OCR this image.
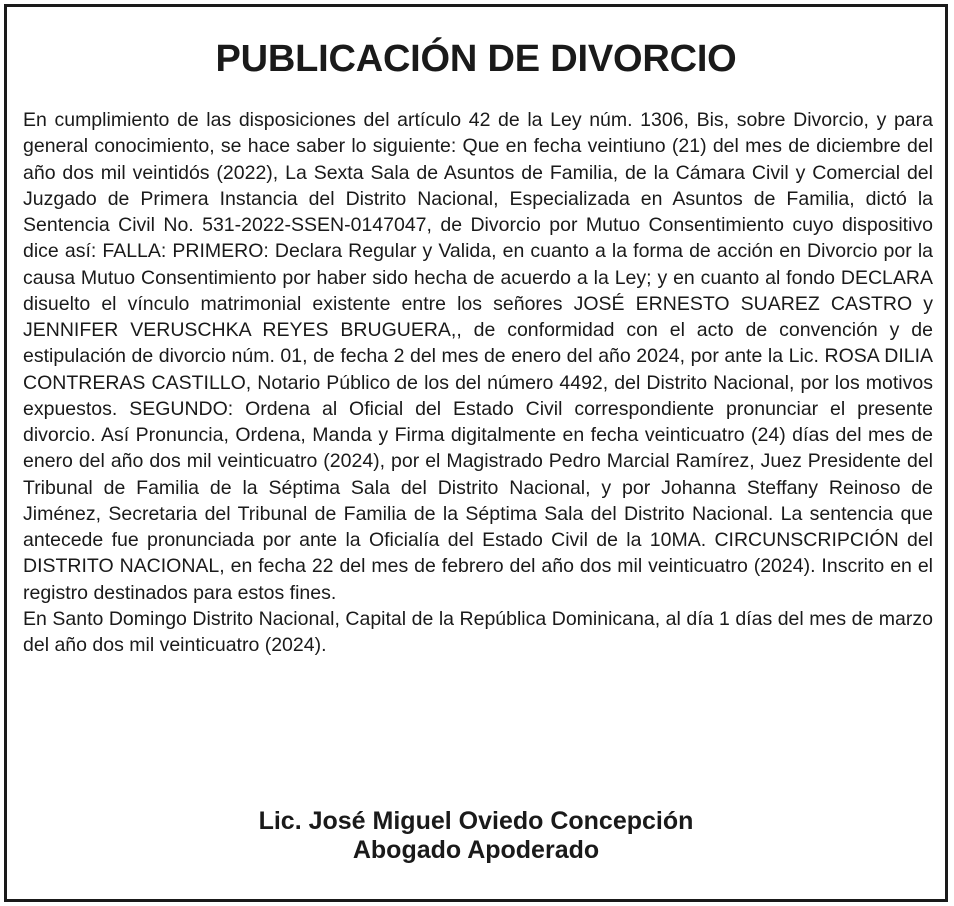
PUBLICACIÓN DE DIVORCIO

En cumplimiento de las disposiciones del artículo 42 de la Ley núm. 1306, Bis, sobre Divorcio, y para general conocimiento, se hace saber lo siguiente: Que en fecha veintiuno (21) del mes de diciembre del año dos mil veintidós (2022), La Sexta Sala de Asuntos de Familia, de la Cámara Civil y Comercial del Juzgado de Primera Instancia del Distrito Nacional, Especializada en Asuntos de Familia, dictó la Sentencia Civil No. 531-2022-SSEN-0147047, de Divorcio por Mutuo Consentimiento cuyo dispositivo dice así: FALLA: PRIMERO: Declara Regular y Valida, en cuanto a la forma de acción en Divorcio por la causa Mutuo Consentimiento por haber sido hecha de acuerdo a la Ley; y en cuanto al fondo DECLARA disuelto el vínculo matrimonial existente entre los señores JOSÉ ERNESTO SUAREZ CASTRO y JENNIFER VERUSCHKA REYES BRUGUERA,, de conformidad con el acto de convención y de estipulación de divorcio núm. 01, de fecha 2 del mes de enero del año 2024, por ante la Lic. ROSA DILIA CONTRERAS CASTILLO, Notario Público de los del número 4492, del Distrito Nacional, por los motivos expuestos. SEGUNDO: Ordena al Oficial del Estado Civil correspondiente pronunciar el presente divorcio. Así Pronuncia, Ordena, Manda y Firma digitalmente en fecha veinticuatro (24) días del mes de enero del año dos mil veinticuatro (2024), por el Magistrado Pedro Marcial Ramírez, Juez Presidente del Tribunal de Familia de la Séptima Sala del Distrito Nacional, y por Johanna Steffany Reinoso de Jiménez, Secretaria del Tribunal de Familia de la Séptima Sala del Distrito Nacional. La sentencia que antecede fue pronunciada por ante la Oficialía del Estado Civil de la 10MA. CIRCUNSCRIPCIÓN del DISTRITO NACIONAL, en fecha 22 del mes de febrero del año dos mil veinticuatro (2024). Inscrito en el registro destinados para estos fines.

En Santo Domingo Distrito Nacional, Capital de la República Dominicana, al día 1 días del mes de marzo del año dos mil veinticuatro (2024).

Lic. José Miguel Oviedo Concepción
Abogado Apoderado
